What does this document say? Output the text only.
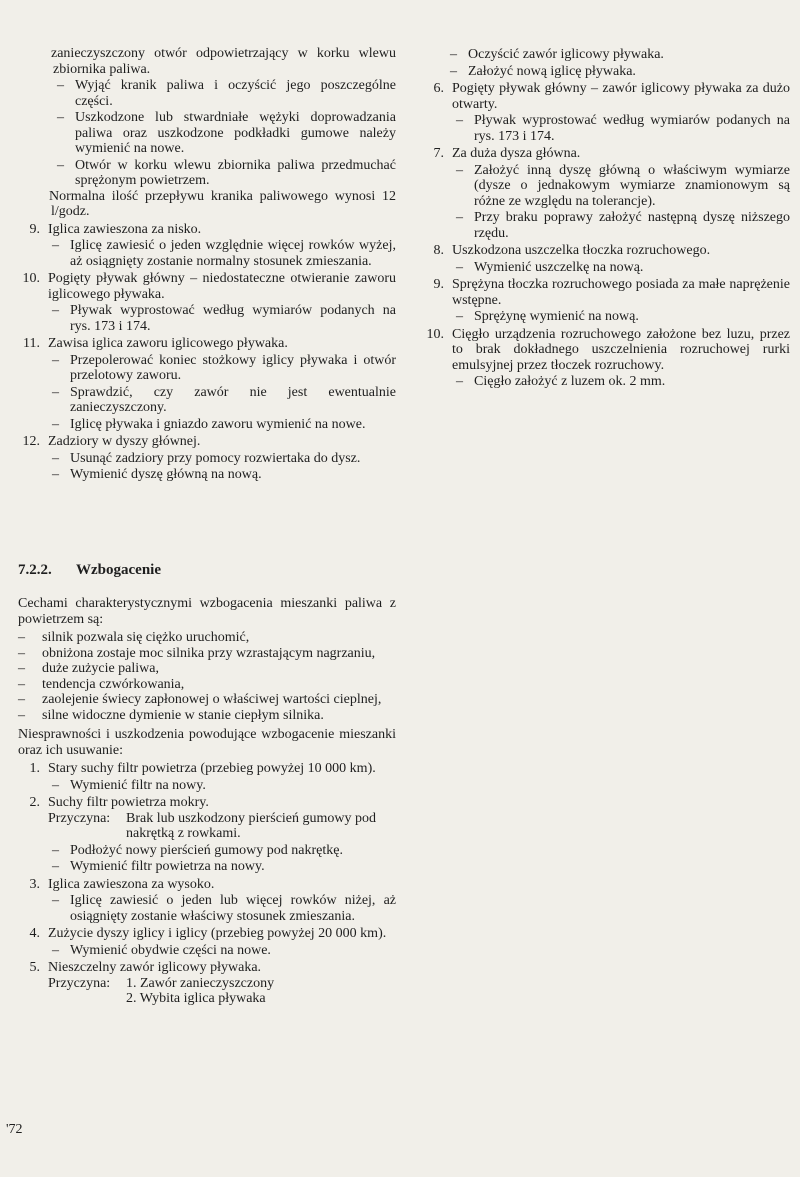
zanieczyszczony otwór odpowietrzający w korku wlewu zbiornika paliwa.

– Wyjąć kranik paliwa i oczyścić jego poszczególne części.
– Uszkodzone lub stwardniałe wężyki doprowadzania paliwa oraz uszkodzone podkładki gumowe należy wymienić na nowe.
– Otwór w korku wlewu zbiornika paliwa przedmuchać sprężonym powietrzem.

Normalna ilość przepływu kranika paliwowego wynosi 12 l/godz.

9. Iglica zawieszona za nisko.

– Iglicę zawiesić o jeden względnie więcej rowków wyżej, aż osiągnięty zostanie normalny stosunek zmieszania.
10. Pogięty pływak główny – niedostateczne otwieranie zaworu iglicowego pływaka.

– Pływak wyprostować według wymiarów podanych na rys. 173 i 174.
11. Zawisa iglica zaworu iglicowego pływaka.

– Przepolerować koniec stożkowy iglicy pływaka i otwór przelotowy zaworu.
– Sprawdzić, czy zawór nie jest ewentualnie zanieczyszczony.
– Iglicę pływaka i gniazdo zaworu wymienić na nowe.
12. Zadziory w dyszy głównej.

– Usunąć zadziory przy pomocy rozwiertaka do dysz.
– Wymienić dyszę główną na nową.
7.2.2. Wzbogacenie

Cechami charakterystycznymi wzbogacenia mieszanki paliwa z powietrzem są:

– silnik pozwala się ciężko uruchomić,

– obniżona zostaje moc silnika przy wzrastającym nagrzaniu,

– duże zużycie paliwa,

– tendencja czwórkowania,

– zaolejenie świecy zapłonowej o właściwej wartości cieplnej,

– silne widoczne dymienie w stanie ciepłym silnika.

Niesprawności i uszkodzenia powodujące wzbogacenie mieszanki oraz ich usuwanie:

1. Stary suchy filtr powietrza (przebieg powyżej 10 000 km).

– Wymienić filtr na nowy.
2. Suchy filtr powietrza mokry.

Przyczyna: Brak lub uszkodzony pierścień gumowy pod nakrętką z rowkami.
– Podłożyć nowy pierścień gumowy pod nakrętkę.
– Wymienić filtr powietrza na nowy.
3. Iglica zawieszona za wysoko.

– Iglicę zawiesić o jeden lub więcej rowków niżej, aż osiągnięty zostanie właściwy stosunek zmieszania.
4. Zużycie dyszy iglicy i iglicy (przebieg powyżej 20 000 km).

– Wymienić obydwie części na nowe.
5. Nieszczelny zawór iglicowy pływaka.

Przyczyna:	1. Zawór zanieczyszczony
2. Wybita iglica pływaka
– Oczyścić zawór iglicowy pływaka.
– Założyć nową iglicę pływaka.
6. Pogięty pływak główny – zawór iglicowy pływaka za dużo otwarty.

– Pływak wyprostować według wymiarów podanych na rys. 173 i 174.
7. Za duża dysza główna.

– Założyć inną dyszę główną o właściwym wymiarze (dysze o jednakowym wymiarze znamionowym są różne ze względu na tolerancje).
– Przy braku poprawy założyć następną dyszę niższego rzędu.
8. Uszkodzona uszczelka tłoczka rozruchowego.

– Wymienić uszczelkę na nową.
9. Sprężyna tłoczka rozruchowego posiada za małe naprężenie wstępne.

– Sprężynę wymienić na nową.
10. Cięgło urządzenia rozruchowego założone bez luzu, przez to brak dokładnego uszczelnienia rozruchowej rurki emulsyjnej przez tłoczek rozruchowy.

– Cięgło założyć z luzem ok. 2 mm.
'72
